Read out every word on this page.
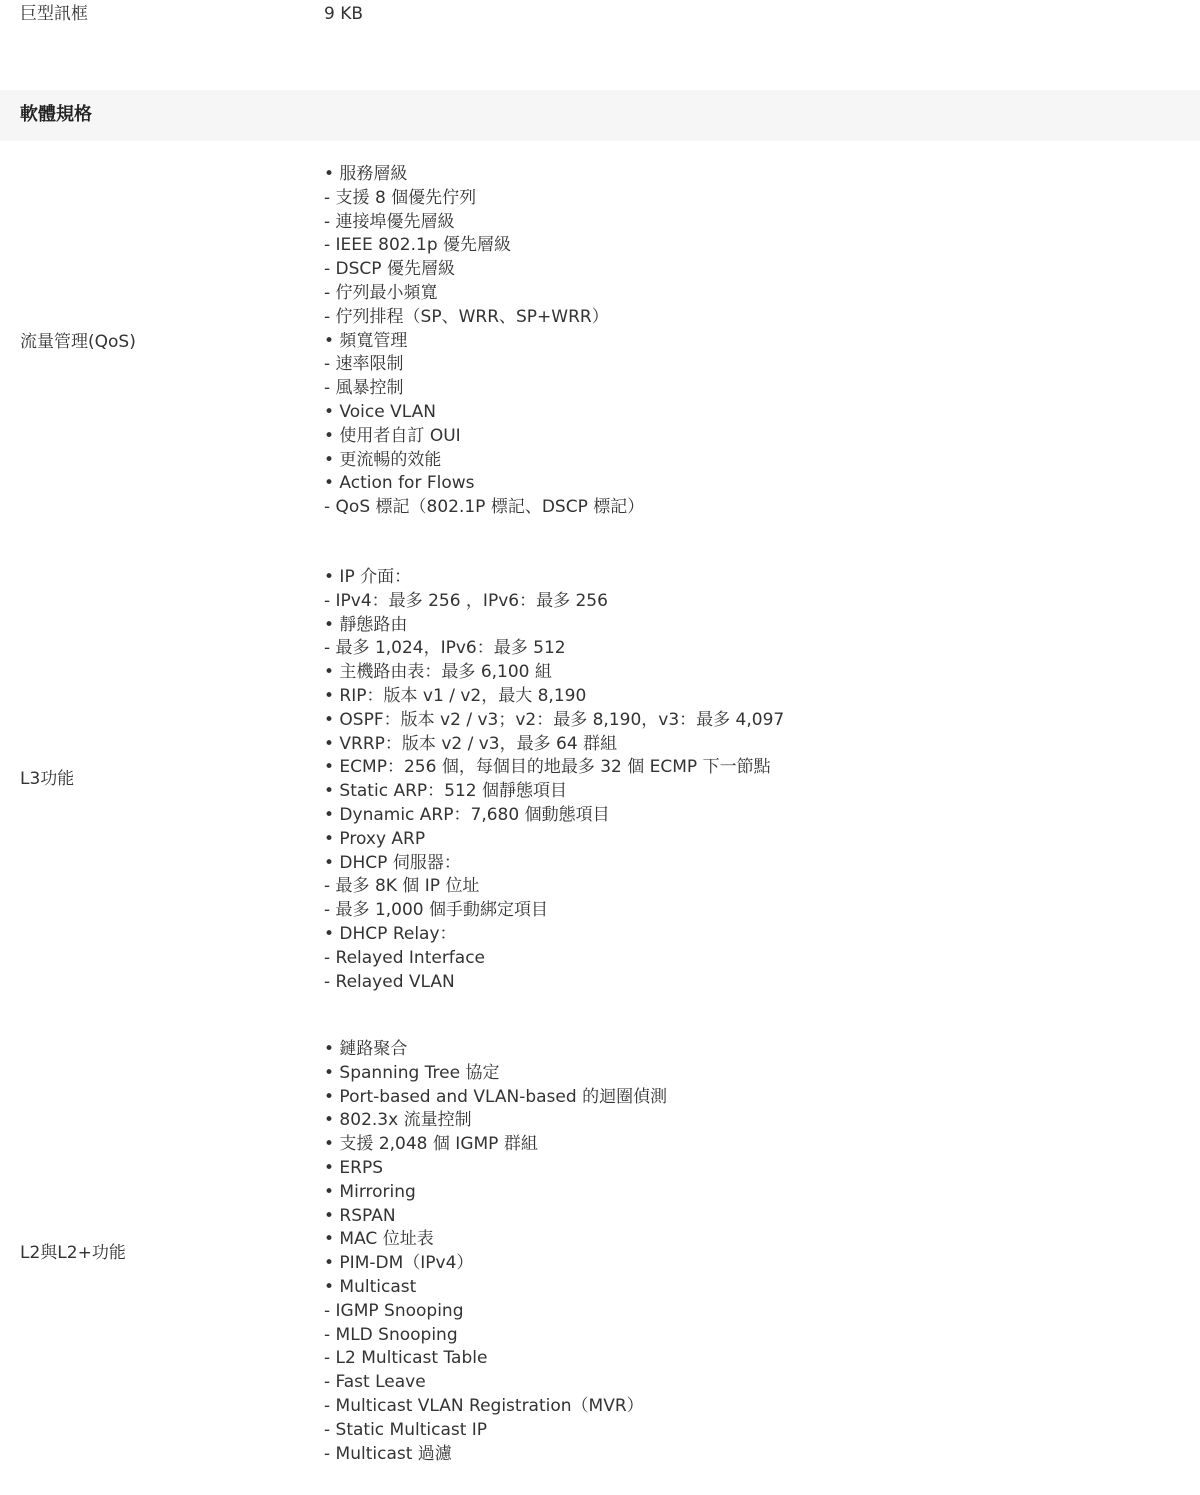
巨型訊框	9 KB
軟體規格
流量管理(QoS)
• 服務層級
- 支援 8 個優先佇列
- 連接埠優先層級
- IEEE 802.1p 優先層級
- DSCP 優先層級
- 佇列最小頻寬
- 佇列排程（SP、WRR、SP+WRR）
• 頻寬管理
- 速率限制
- 風暴控制
• Voice VLAN
• 使用者自訂 OUI
• 更流暢的效能
• Action for Flows
- QoS 標記（802.1P 標記、DSCP 標記）
L3功能
• IP 介面：
- IPv4：最多 256 ，IPv6：最多 256
• 靜態路由
- 最多 1,024，IPv6：最多 512
• 主機路由表：最多 6,100 組
• RIP：版本 v1 / v2，最大 8,190
• OSPF：版本 v2 / v3；v2：最多 8,190，v3：最多 4,097
• VRRP：版本 v2 / v3，最多 64 群組
• ECMP：256 個，每個目的地最多 32 個 ECMP 下一節點
• Static ARP：512 個靜態項目
• Dynamic ARP：7,680 個動態項目
• Proxy ARP
• DHCP 伺服器：
- 最多 8K 個 IP 位址
- 最多 1,000 個手動綁定項目
• DHCP Relay：
- Relayed Interface
- Relayed VLAN
L2與L2+功能
• 鏈路聚合
• Spanning Tree 協定
• Port-based and VLAN-based 的迴圈偵測
• 802.3x 流量控制
• 支援 2,048 個 IGMP 群組
• ERPS
• Mirroring
• RSPAN
• MAC 位址表
• PIM-DM（IPv4）
• Multicast
- IGMP Snooping
- MLD Snooping
- L2 Multicast Table
- Fast Leave
- Multicast VLAN Registration（MVR）
- Static Multicast IP
- Multicast 過濾
